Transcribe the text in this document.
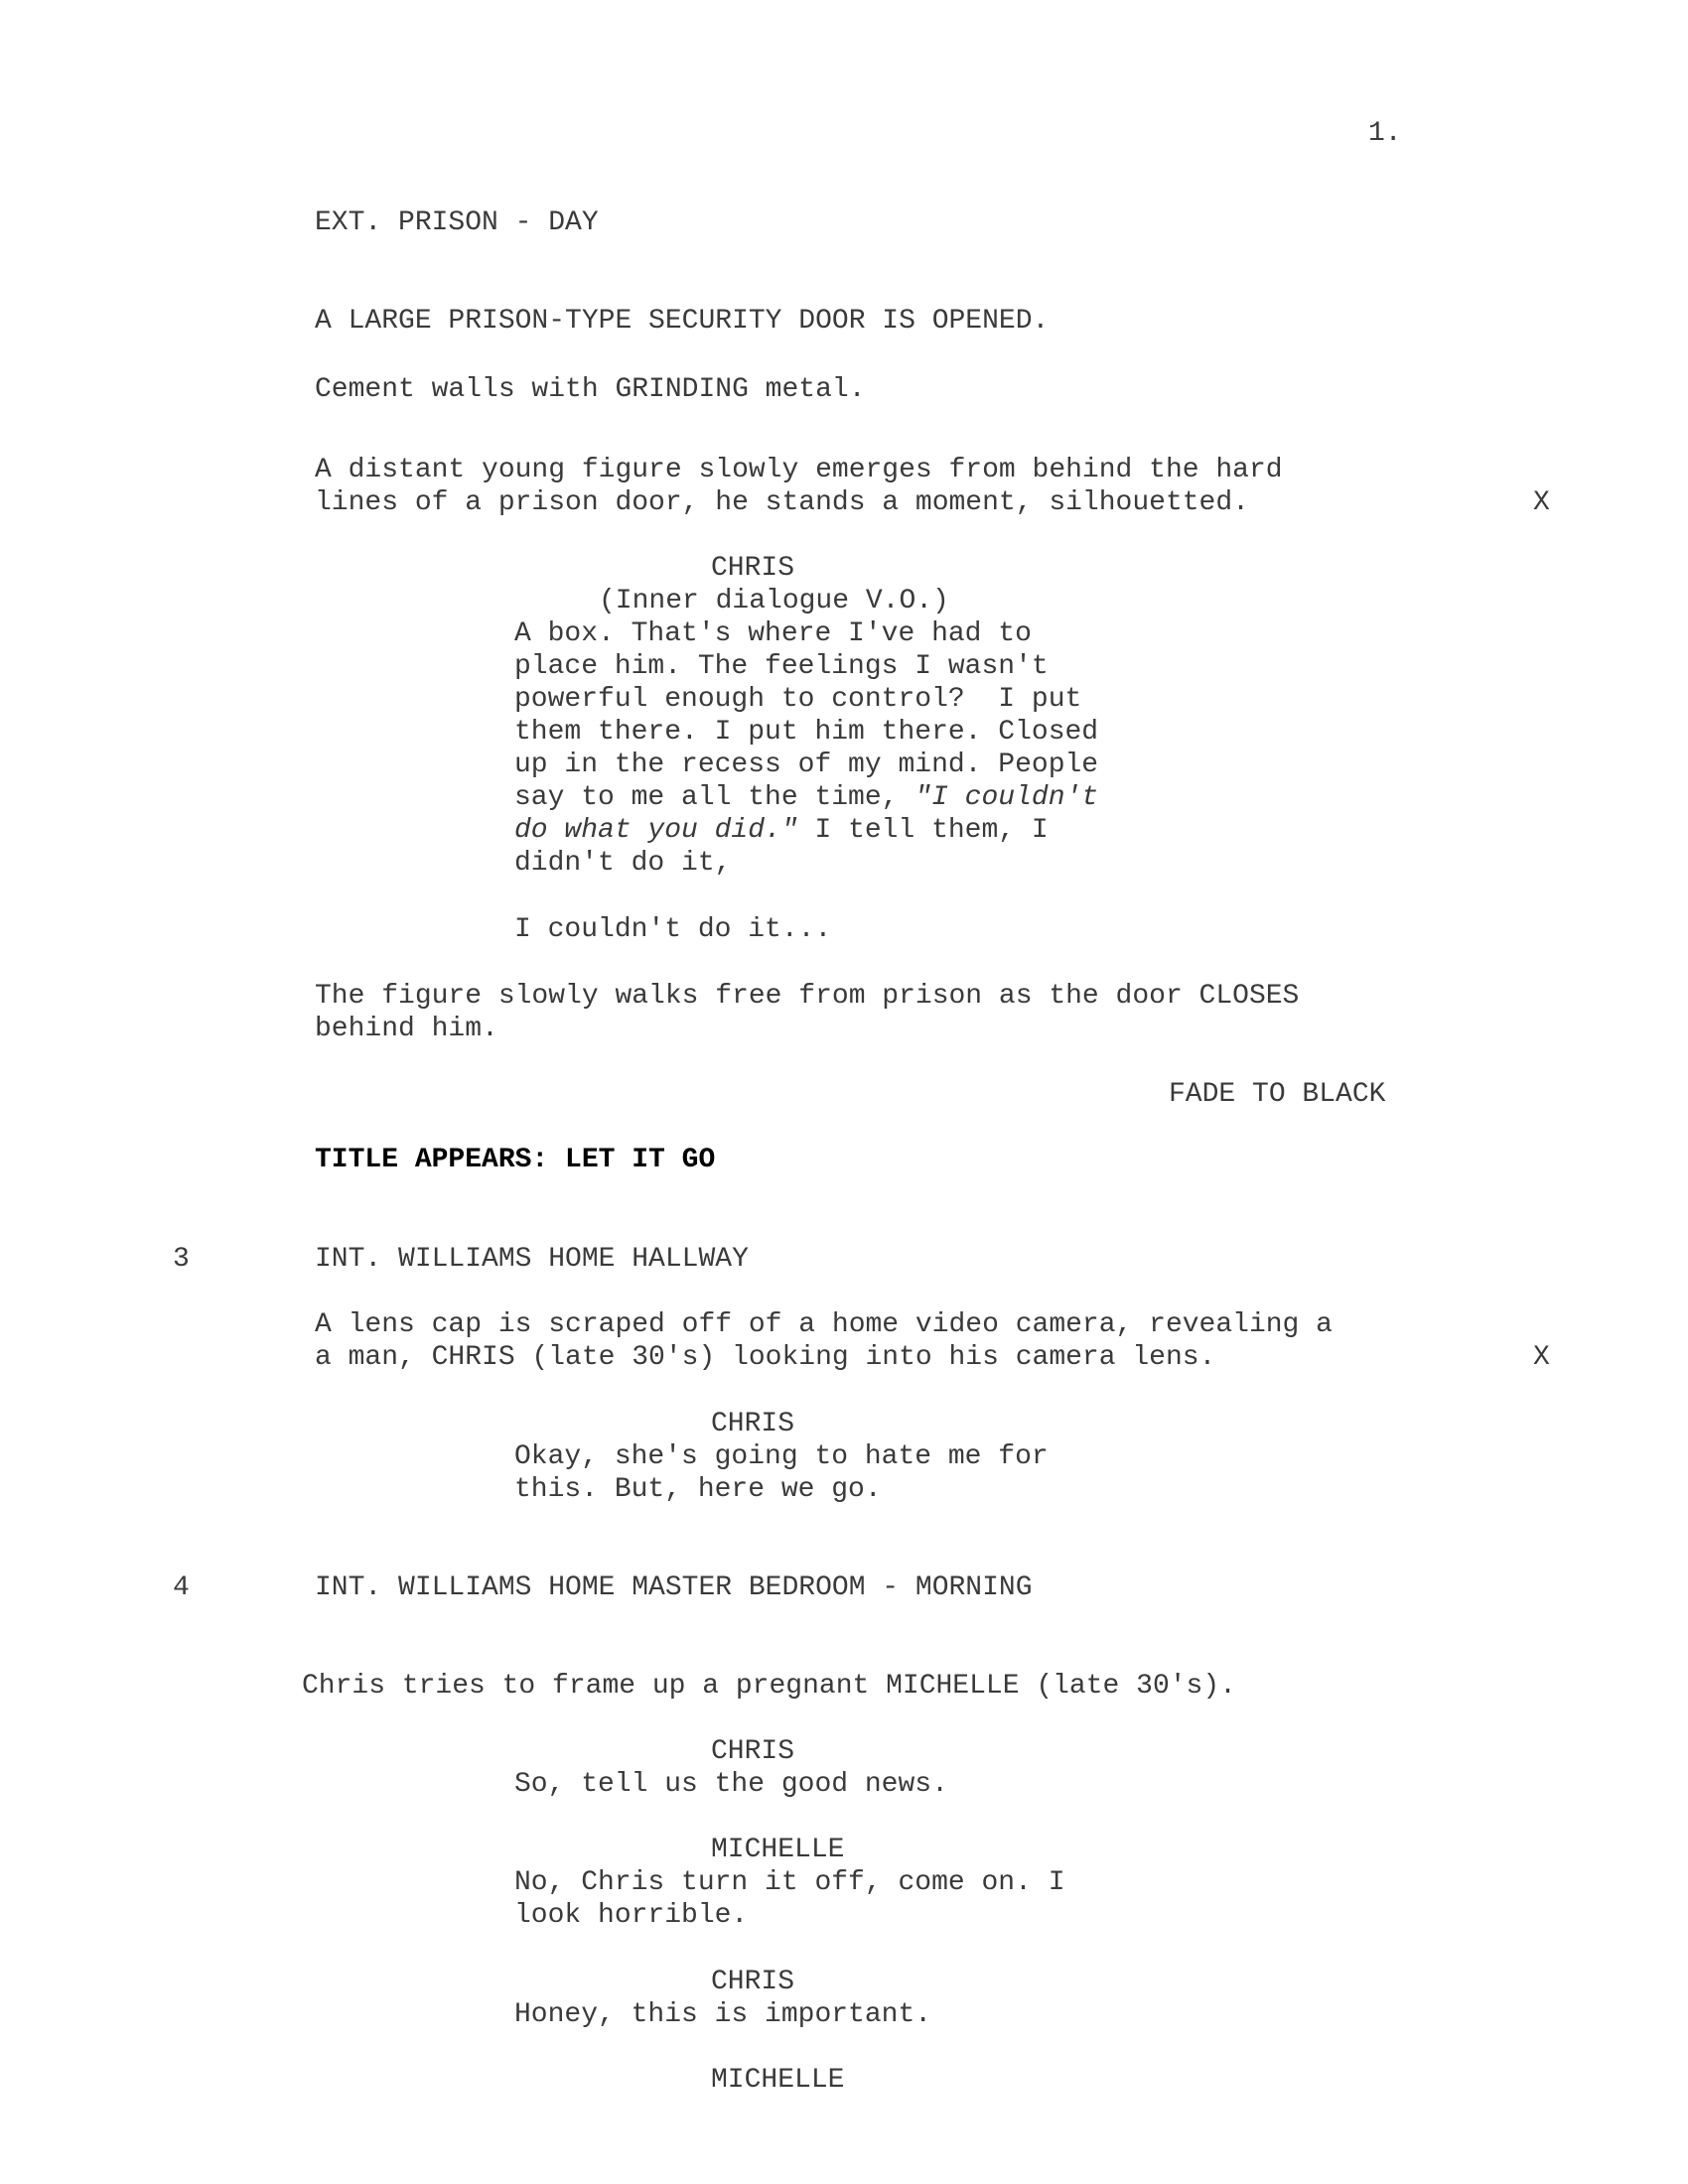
1.
EXT. PRISON - DAY
A LARGE PRISON-TYPE SECURITY DOOR IS OPENED.
Cement walls with GRINDING metal.
A distant young figure slowly emerges from behind the hard
lines of a prison door, he stands a moment, silhouetted.	X
CHRIS
(Inner dialogue V.O.)
A box. That's where I've had to
place him. The feelings I wasn't
powerful enough to control?  I put
them there. I put him there. Closed
up in the recess of my mind. People
say to me all the time, "I couldn't
do what you did." I tell them, I
didn't do it,
I couldn't do it...
The figure slowly walks free from prison as the door CLOSES
behind him.
FADE TO BLACK
TITLE APPEARS: LET IT GO
3	INT. WILLIAMS HOME HALLWAY
A lens cap is scraped off of a home video camera, revealing a
a man, CHRIS (late 30's) looking into his camera lens.	X
CHRIS
Okay, she's going to hate me for
this. But, here we go.
4	INT. WILLIAMS HOME MASTER BEDROOM - MORNING
Chris tries to frame up a pregnant MICHELLE (late 30's).
CHRIS
So, tell us the good news.
MICHELLE
No, Chris turn it off, come on. I
look horrible.
CHRIS
Honey, this is important.
MICHELLE
